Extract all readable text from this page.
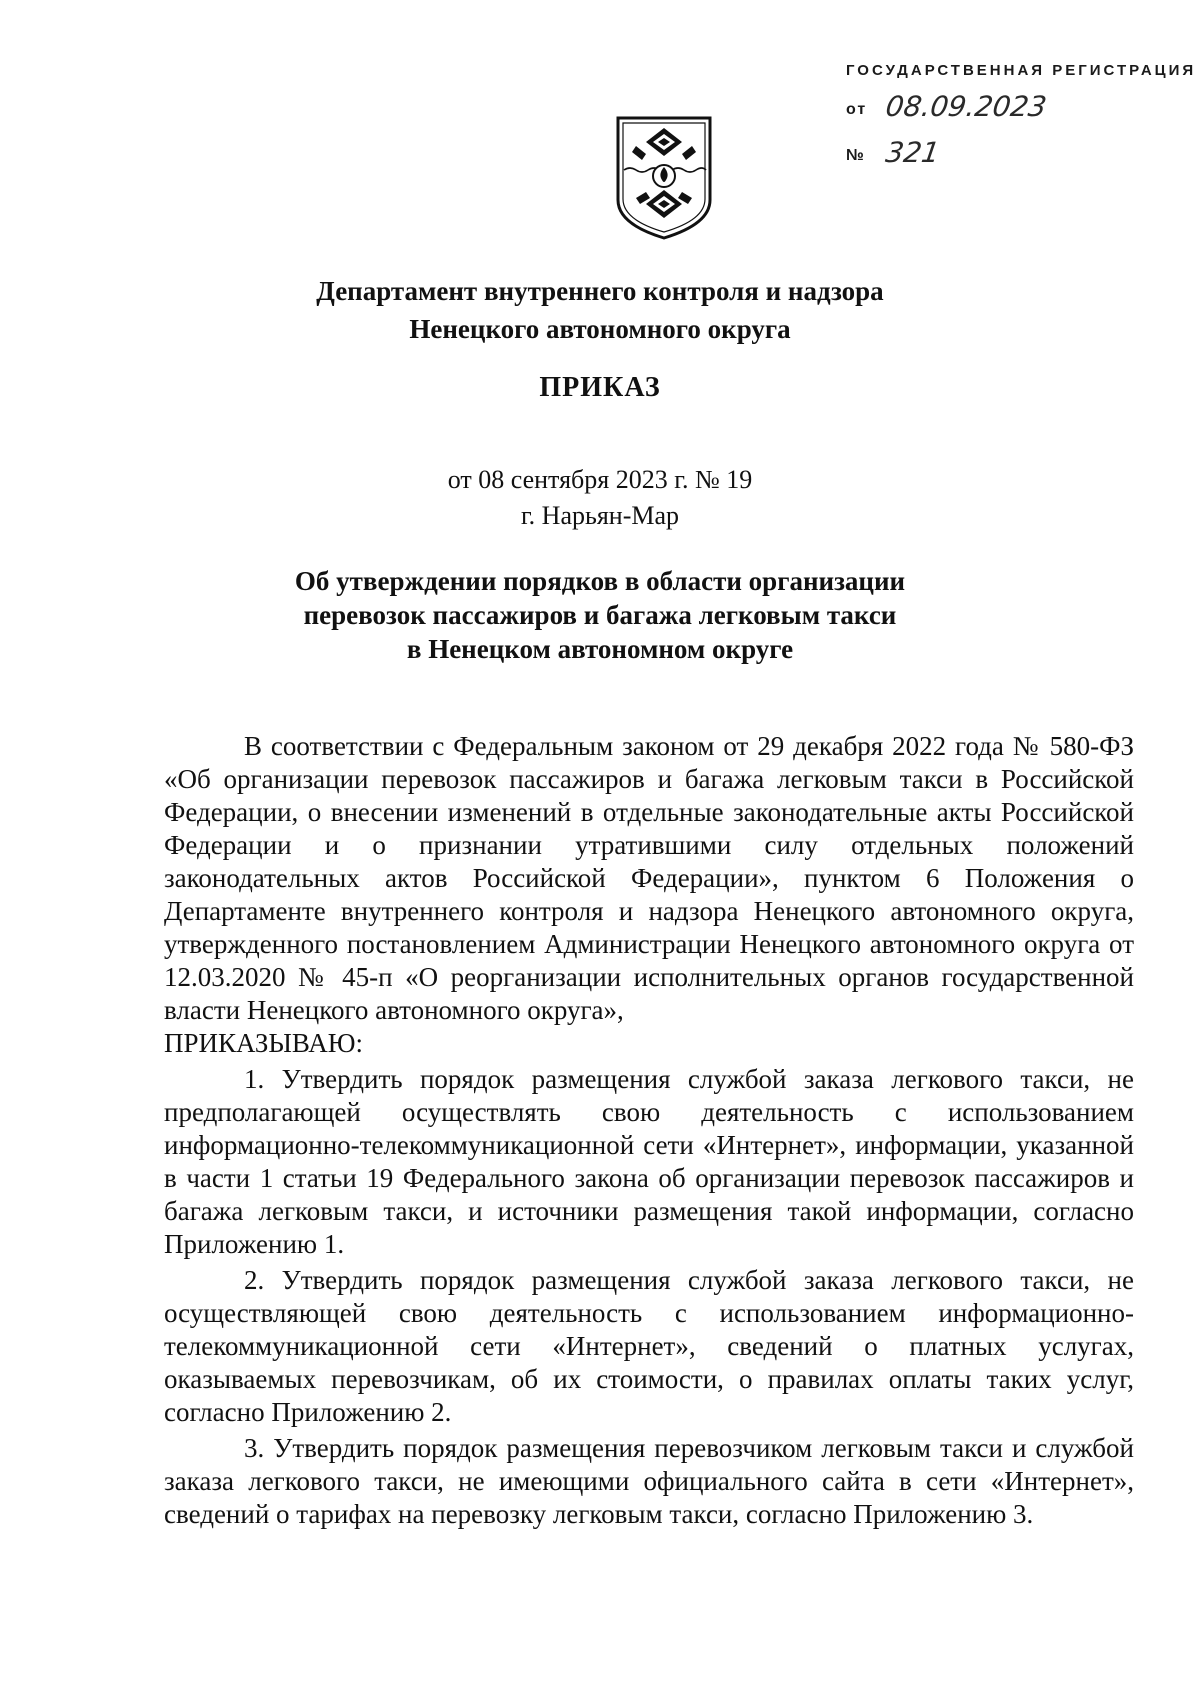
ГОСУДАРСТВЕННАЯ РЕГИСТРАЦИЯ
от 08.09.2023
№ 321
Департамент внутреннего контроля и надзора
Ненецкого автономного округа
ПРИКАЗ
от 08 сентября 2023 г. № 19
г. Нарьян-Мар
Об утверждении порядков в области организации
перевозок пассажиров и багажа легковым такси
в Ненецком автономном округе

В соответствии с Федеральным законом от 29 декабря 2022 года № 580-ФЗ «Об организации перевозок пассажиров и багажа легковым такси в Российской Федерации, о внесении изменений в отдельные законодательные акты Российской Федерации и о признании утратившими силу отдельных положений законодательных актов Российской Федерации», пунктом 6 Положения о Департаменте внутреннего контроля и надзора Ненецкого автономного округа, утвержденного постановлением Администрации Ненецкого автономного округа от 12.03.2020 № 45-п «О реорганизации исполнительных органов государственной власти Ненецкого автономного округа»,

ПРИКАЗЫВАЮ:

1. Утвердить порядок размещения службой заказа легкового такси, не предполагающей осуществлять свою деятельность с использованием информационно-телекоммуникационной сети «Интернет», информации, указанной в части 1 статьи 19 Федерального закона об организации перевозок пассажиров и багажа легковым такси, и источники размещения такой информации, согласно Приложению 1.

2. Утвердить порядок размещения службой заказа легкового такси, не осуществляющей свою деятельность с использованием информационно-телекоммуникационной сети «Интернет», сведений о платных услугах, оказываемых перевозчикам, об их стоимости, о правилах оплаты таких услуг, согласно Приложению 2.

3. Утвердить порядок размещения перевозчиком легковым такси и службой заказа легкового такси, не имеющими официального сайта в сети «Интернет», сведений о тарифах на перевозку легковым такси, согласно Приложению 3.
